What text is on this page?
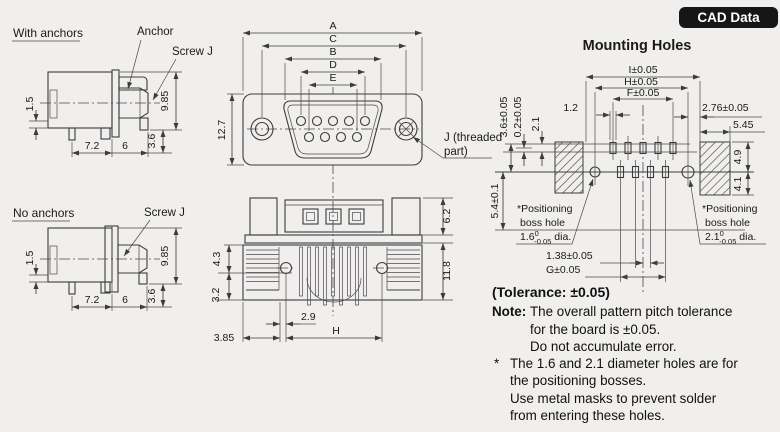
With anchors	Anchor
Screw J
1.5	9.85
7.2 6 3.6
No anchors	Screw J
1.5	9.85
7.2 6 3.6
A
C
B
D
E
12.7	J (threaded
part)
6.2
11.8
4.3
3.2
2.9
3.85
H
Mounting Holes
I±0.05
H±0.05
F±0.05
1.2	2.76±0.05
5.45
3.6±0.05 0.2±0.05 2.1
5.4±0.1
4.9
4.1
1.38±0.05
G±0.05
*Positioning
boss hole
$1.6^0$ -0.05 dia.
*Positioning
boss hole
$2.1^0$ -0.05 dia.
CAD Data
(Tolerance: ±0.05)
Note: The overall pattern pitch tolerance
for the board is ±0.05.
Do not accumulate error.
* The 1.6 and 2.1 diameter holes are for
the positioning bosses.
Use metal masks to prevent solder
from entering these holes.
